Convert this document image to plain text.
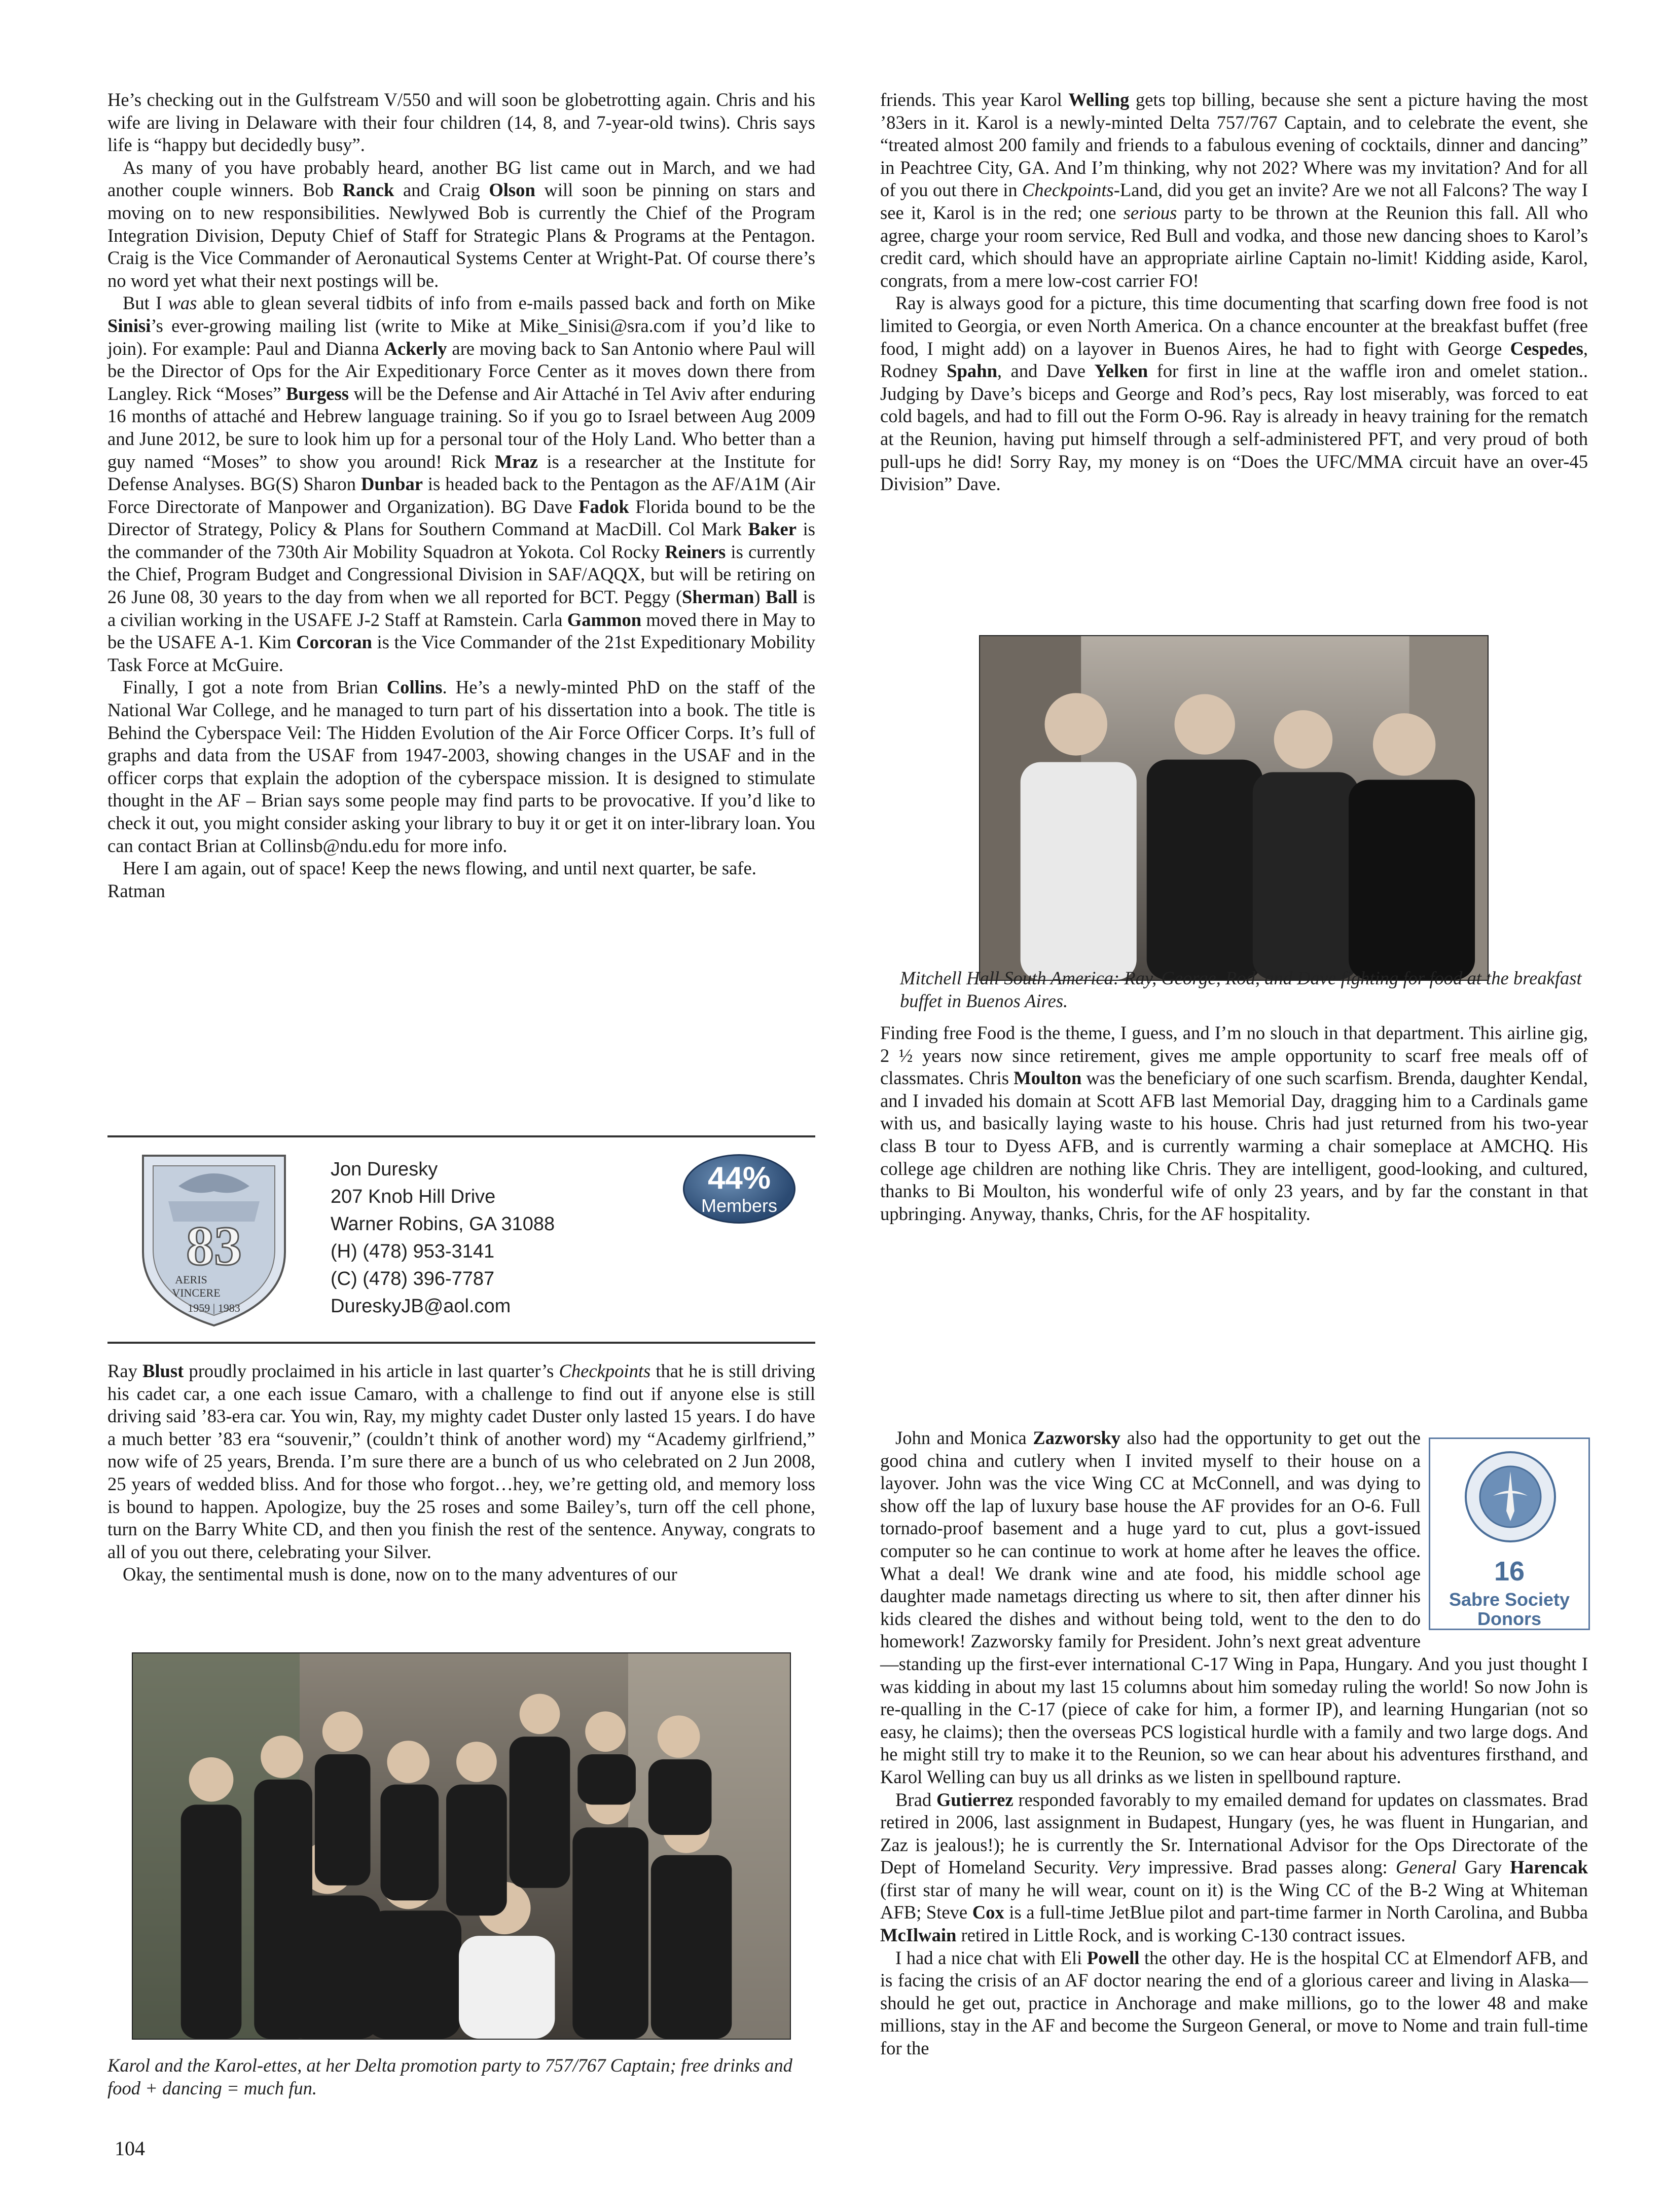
He’s checking out in the Gulfstream V/550 and will soon be globetrotting again. Chris and his wife are living in Delaware with their four children (14, 8, and 7-year-old twins). Chris says life is “happy but decidedly busy”.

As many of you have probably heard, another BG list came out in March, and we had another couple winners. Bob Ranck and Craig Olson will soon be pinning on stars and moving on to new responsibilities. Newlywed Bob is currently the Chief of the Program Integration Division, Deputy Chief of Staff for Strategic Plans & Programs at the Pentagon. Craig is the Vice Commander of Aeronautical Systems Center at Wright-Pat. Of course there’s no word yet what their next postings will be.

But I was able to glean several tidbits of info from e-mails passed back and forth on Mike Sinisi’s ever-growing mailing list (write to Mike at Mike_Sinisi@sra.com if you’d like to join). For example: Paul and Dianna Ackerly are moving back to San Antonio where Paul will be the Director of Ops for the Air Expeditionary Force Center as it moves down there from Langley. Rick “Moses” Burgess will be the Defense and Air Attaché in Tel Aviv after enduring 16 months of attaché and Hebrew language training. So if you go to Israel between Aug 2009 and June 2012, be sure to look him up for a personal tour of the Holy Land. Who better than a guy named “Moses” to show you around! Rick Mraz is a researcher at the Institute for Defense Analyses. BG(S) Sharon Dunbar is headed back to the Pentagon as the AF/A1M (Air Force Directorate of Manpower and Organization). BG Dave Fadok Florida bound to be the Director of Strategy, Policy & Plans for Southern Command at MacDill. Col Mark Baker is the commander of the 730th Air Mobility Squadron at Yokota. Col Rocky Reiners is currently the Chief, Program Budget and Congressional Division in SAF/AQQX, but will be retiring on 26 June 08, 30 years to the day from when we all reported for BCT. Peggy (Sherman) Ball is a civilian working in the USAFE J-2 Staff at Ramstein. Carla Gammon moved there in May to be the USAFE A-1. Kim Corcoran is the Vice Commander of the 21st Expeditionary Mobility Task Force at McGuire.

Finally, I got a note from Brian Collins. He’s a newly-minted PhD on the staff of the National War College, and he managed to turn part of his dissertation into a book. The title is Behind the Cyberspace Veil: The Hidden Evolution of the Air Force Officer Corps. It’s full of graphs and data from the USAF from 1947-2003, showing changes in the USAF and in the officer corps that explain the adoption of the cyberspace mission. It is designed to stimulate thought in the AF – Brian says some people may find parts to be provocative. If you’d like to check it out, you might consider asking your library to buy it or get it on inter-library loan. You can contact Brian at Collinsb@ndu.edu for more info.

Here I am again, out of space! Keep the news flowing, and until next quarter, be safe. Ratman

83
AERIS
VINCERE
1959 | 1983
Jon Duresky
207 Knob Hill Drive
Warner Robins, GA 31088
(H) (478) 953-3141
(C) (478) 396-7787
DureskyJB@aol.com
44%
Members

Ray Blust proudly proclaimed in his article in last quarter’s Checkpoints that he is still driving his cadet car, a one each issue Camaro, with a challenge to find out if anyone else is still driving said ’83-era car. You win, Ray, my mighty cadet Duster only lasted 15 years. I do have a much better ’83 era “souvenir,” (couldn’t think of another word) my “Academy girlfriend,” now wife of 25 years, Brenda. I’m sure there are a bunch of us who celebrated on 2 Jun 2008, 25 years of wedded bliss. And for those who forgot…hey, we’re getting old, and memory loss is bound to happen. Apologize, buy the 25 roses and some Bailey’s, turn off the cell phone, turn on the Barry White CD, and then you finish the rest of the sentence. Anyway, congrats to all of you out there, celebrating your Silver.

Okay, the sentimental mush is done, now on to the many adventures of our

Karol and the Karol-ettes, at her Delta promotion party to 757/767 Captain; free drinks and food + dancing = much fun.

friends. This year Karol Welling gets top billing, because she sent a picture having the most ’83ers in it. Karol is a newly-minted Delta 757/767 Captain, and to celebrate the event, she “treated almost 200 family and friends to a fabulous evening of cocktails, dinner and dancing” in Peachtree City, GA. And I’m thinking, why not 202? Where was my invitation? And for all of you out there in Checkpoints-Land, did you get an invite? Are we not all Falcons? The way I see it, Karol is in the red; one serious party to be thrown at the Reunion this fall. All who agree, charge your room service, Red Bull and vodka, and those new dancing shoes to Karol’s credit card, which should have an appropriate airline Captain no-limit! Kidding aside, Karol, congrats, from a mere low-cost carrier FO!

Ray is always good for a picture, this time documenting that scarfing down free food is not limited to Georgia, or even North America. On a chance encounter at the breakfast buffet (free food, I might add) on a layover in Buenos Aires, he had to fight with George Cespedes, Rodney Spahn, and Dave Yelken for first in line at the waffle iron and omelet station.. Judging by Dave’s biceps and George and Rod’s pecs, Ray lost miserably, was forced to eat cold bagels, and had to fill out the Form O-96. Ray is already in heavy training for the rematch at the Reunion, having put himself through a self-administered PFT, and very proud of both pull-ups he did! Sorry Ray, my money is on “Does the UFC/MMA circuit have an over-45 Division” Dave.

Mitchell Hall South America: Ray, George, Rod, and Dave fighting for food at the breakfast buffet in Buenos Aires.

Finding free Food is the theme, I guess, and I’m no slouch in that department. This airline gig, 2 ½ years now since retirement, gives me ample opportunity to scarf free meals off of classmates. Chris Moulton was the beneficiary of one such scarfism. Brenda, daughter Kendal, and I invaded his domain at Scott AFB last Memorial Day, dragging him to a Cardinals game with us, and basically laying waste to his house. Chris had just returned from his two-year class B tour to Dyess AFB, and is currently warming a chair someplace at AMCHQ. His college age children are nothing like Chris. They are intelligent, good-looking, and cultured, thanks to Bi Moulton, his wonderful wife of only 23 years, and by far the constant in that upbringing. Anyway, thanks, Chris, for the AF hospitality.

John and Monica Zazworsky also had the opportunity to get out the good china and cutlery when I invited myself to their house on a layover. John was the vice Wing CC at McConnell, and was dying to show off the lap of luxury base house the AF provides for an O-6. Full tornado-proof basement and a huge yard to cut, plus a govt-issued computer so he can continue to work at home after he leaves the office. What a deal! We drank wine and ate food, his middle school age daughter made nametags directing us where to sit, then after dinner his kids cleared the dishes and without being told, went to the den to do homework! Zazworsky family for President. John’s next great adventure—standing up the first-ever international C-17 Wing in Papa, Hungary. And you just thought I was kidding in about my last 15 columns about him someday ruling the world! So now John is re-qualling in the C-17 (piece of cake for him, a former IP), and learning Hungarian (not so easy, he claims); then the overseas PCS logistical hurdle with a family and two large dogs. And he might still try to make it to the Reunion, so we can hear about his adventures firsthand, and Karol Welling can buy us all drinks as we listen in spellbound rapture.

Brad Gutierrez responded favorably to my emailed demand for updates on classmates. Brad retired in 2006, last assignment in Budapest, Hungary (yes, he was fluent in Hungarian, and Zaz is jealous!); he is currently the Sr. International Advisor for the Ops Directorate of the Dept of Homeland Security. Very impressive. Brad passes along: General Gary Harencak (first star of many he will wear, count on it) is the Wing CC of the B-2 Wing at Whiteman AFB; Steve Cox is a full-time JetBlue pilot and part-time farmer in North Carolina, and Bubba McIlwain retired in Little Rock, and is working C-130 contract issues.

I had a nice chat with Eli Powell the other day. He is the hospital CC at Elmendorf AFB, and is facing the crisis of an AF doctor nearing the end of a glorious career and living in Alaska—should he get out, practice in Anchorage and make millions, go to the lower 48 and make millions, stay in the AF and become the Surgeon General, or move to Nome and train full-time for the

16
Sabre Society
Donors
104
